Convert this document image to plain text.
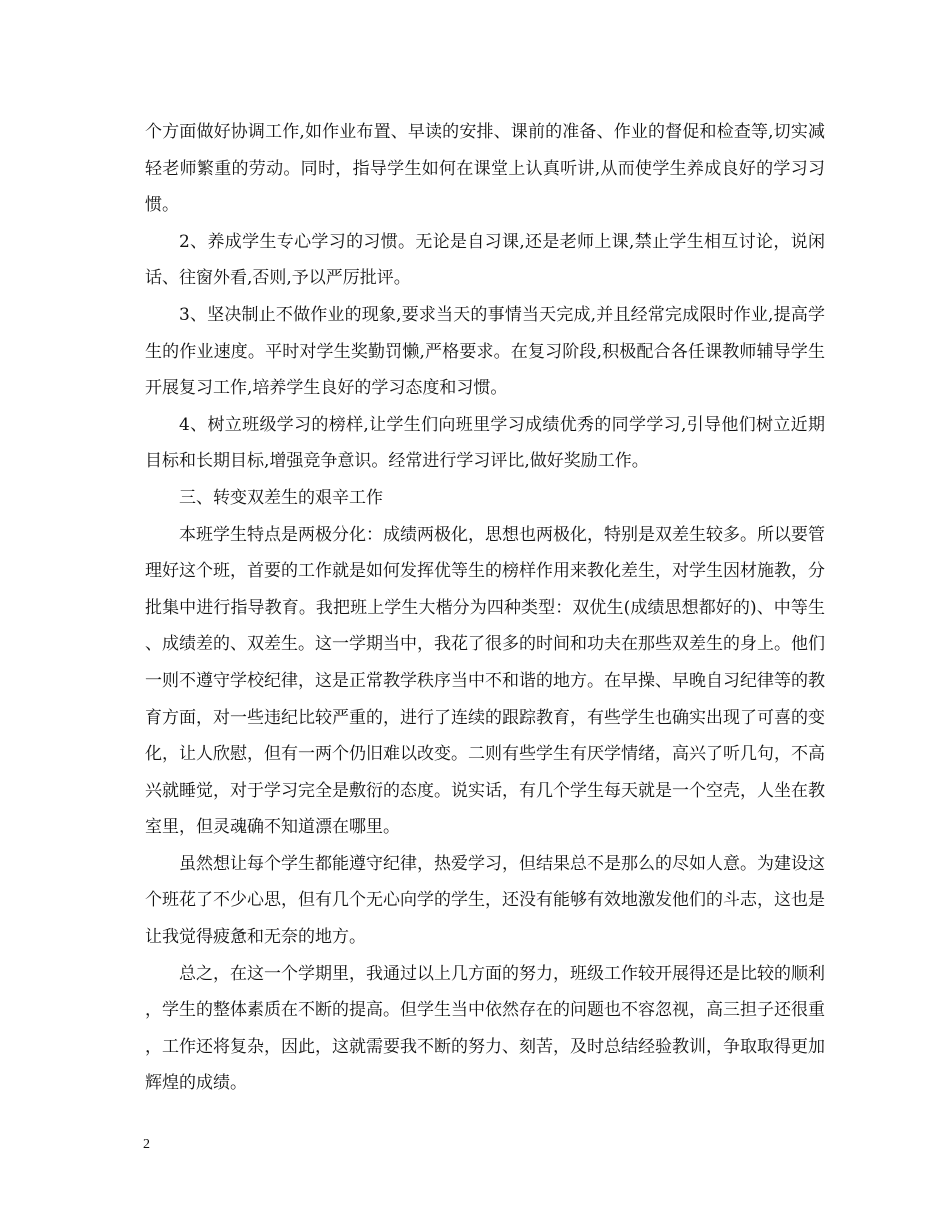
个方面做好协调工作,如作业布置、早读的安排、课前的准备、作业的督促和检查等,切实减轻老师繁重的劳动。同时，指导学生如何在课堂上认真听讲,从而使学生养成良好的学习习惯。

2、养成学生专心学习的习惯。无论是自习课,还是老师上课,禁止学生相互讨论，说闲话、往窗外看,否则,予以严厉批评。

3、坚决制止不做作业的现象,要求当天的事情当天完成,并且经常完成限时作业,提高学生的作业速度。平时对学生奖勤罚懒,严格要求。在复习阶段,积极配合各任课教师辅导学生开展复习工作,培养学生良好的学习态度和习惯。

4、树立班级学习的榜样,让学生们向班里学习成绩优秀的同学学习,引导他们树立近期目标和长期目标,增强竞争意识。经常进行学习评比,做好奖励工作。

三、转变双差生的艰辛工作

本班学生特点是两极分化：成绩两极化，思想也两极化，特别是双差生较多。所以要管理好这个班，首要的工作就是如何发挥优等生的榜样作用来教化差生，对学生因材施教，分批集中进行指导教育。我把班上学生大楷分为四种类型：双优生(成绩思想都好的)、中等生、成绩差的、双差生。这一学期当中，我花了很多的时间和功夫在那些双差生的身上。他们一则不遵守学校纪律，这是正常教学秩序当中不和谐的地方。在早操、早晚自习纪律等的教育方面，对一些违纪比较严重的，进行了连续的跟踪教育，有些学生也确实出现了可喜的变化，让人欣慰，但有一两个仍旧难以改变。二则有些学生有厌学情绪，高兴了听几句，不高兴就睡觉，对于学习完全是敷衍的态度。说实话，有几个学生每天就是一个空壳，人坐在教室里，但灵魂确不知道漂在哪里。

虽然想让每个学生都能遵守纪律，热爱学习，但结果总不是那么的尽如人意。为建设这个班花了不少心思，但有几个无心向学的学生，还没有能够有效地激发他们的斗志，这也是让我觉得疲惫和无奈的地方。

总之，在这一个学期里，我通过以上几方面的努力，班级工作较开展得还是比较的顺利，学生的整体素质在不断的提高。但学生当中依然存在的问题也不容忽视，高三担子还很重，工作还将复杂，因此，这就需要我不断的努力、刻苦，及时总结经验教训，争取取得更加辉煌的成绩。

2
